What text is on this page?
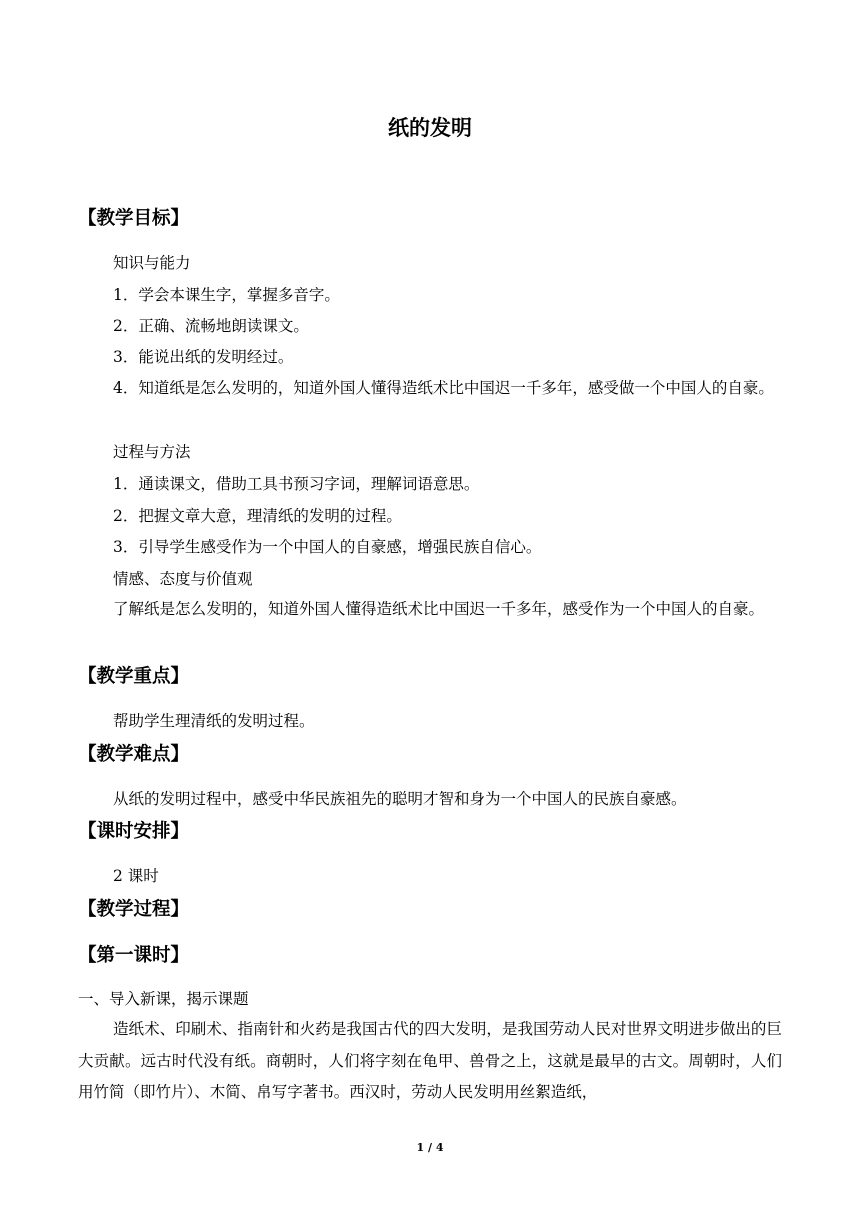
纸的发明
【教学目标】
知识与能力
1．学会本课生字，掌握多音字。
2．正确、流畅地朗读课文。
3．能说出纸的发明经过。
4．知道纸是怎么发明的，知道外国人懂得造纸术比中国迟一千多年，感受做一个中国人的自豪。
过程与方法
1．通读课文，借助工具书预习字词，理解词语意思。
2．把握文章大意，理清纸的发明的过程。
3．引导学生感受作为一个中国人的自豪感，增强民族自信心。
情感、态度与价值观
了解纸是怎么发明的，知道外国人懂得造纸术比中国迟一千多年，感受作为一个中国人的自豪。
【教学重点】
帮助学生理清纸的发明过程。
【教学难点】
从纸的发明过程中，感受中华民族祖先的聪明才智和身为一个中国人的民族自豪感。
【课时安排】
2 课时
【教学过程】
【第一课时】
一、导入新课，揭示课题
造纸术、印刷术、指南针和火药是我国古代的四大发明，是我国劳动人民对世界文明进步做出的巨大贡献。远古时代没有纸。商朝时，人们将字刻在龟甲、兽骨之上，这就是最早的古文。周朝时，人们用竹简（即竹片）、木简、帛写字著书。西汉时，劳动人民发明用丝絮造纸，
1 / 4
